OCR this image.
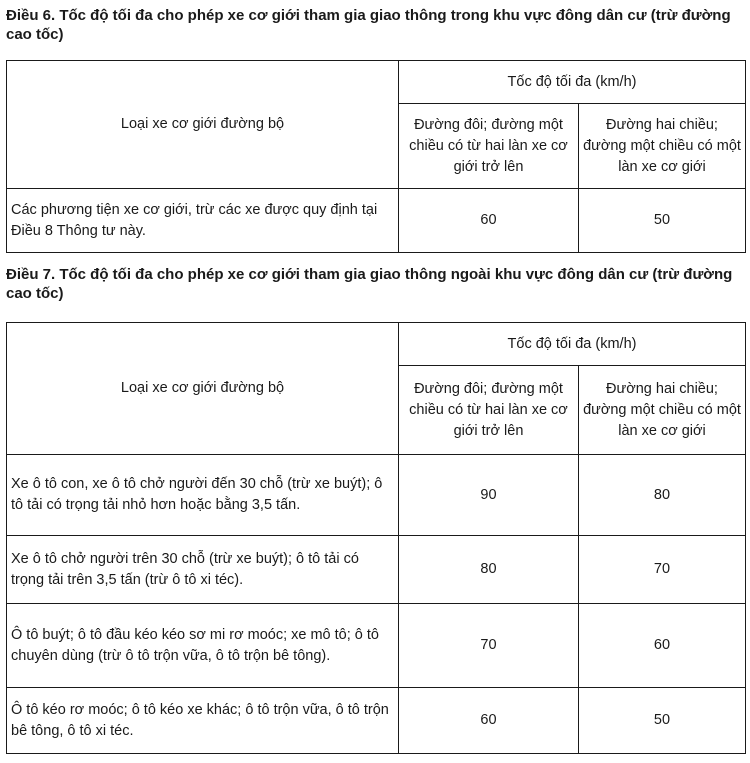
Điều 6. Tốc độ tối đa cho phép xe cơ giới tham gia giao thông trong khu vực đông dân cư (trừ đường cao tốc)
Loại xe cơ giới đường bộ	Tốc độ tối đa (km/h)	
	Đường đôi; đường một chiều có từ hai làn xe cơ giới trở lên	Đường hai chiều; đường một chiều có một làn xe cơ giới
Các phương tiện xe cơ giới, trừ các xe được quy định tại Điều 8 Thông tư này.	60	50
Điều 7. Tốc độ tối đa cho phép xe cơ giới tham gia giao thông ngoài khu vực đông dân cư (trừ đường cao tốc)
Loại xe cơ giới đường bộ	Tốc độ tối đa (km/h)	
	Đường đôi; đường một chiều có từ hai làn xe cơ giới trở lên	Đường hai chiều; đường một chiều có một làn xe cơ giới
Xe ô tô con, xe ô tô chở người đến 30 chỗ (trừ xe buýt); ô tô tải có trọng tải nhỏ hơn hoặc bằng 3,5 tấn.	90	80
Xe ô tô chở người trên 30 chỗ (trừ xe buýt); ô tô tải có trọng tải trên 3,5 tấn (trừ ô tô xi téc).	80	70
Ô tô buýt; ô tô đầu kéo kéo sơ mi rơ moóc; xe mô tô; ô tô chuyên dùng (trừ ô tô trộn vữa, ô tô trộn bê tông).	70	60
Ô tô kéo rơ moóc; ô tô kéo xe khác; ô tô trộn vữa, ô tô trộn bê tông, ô tô xi téc.	60	50
